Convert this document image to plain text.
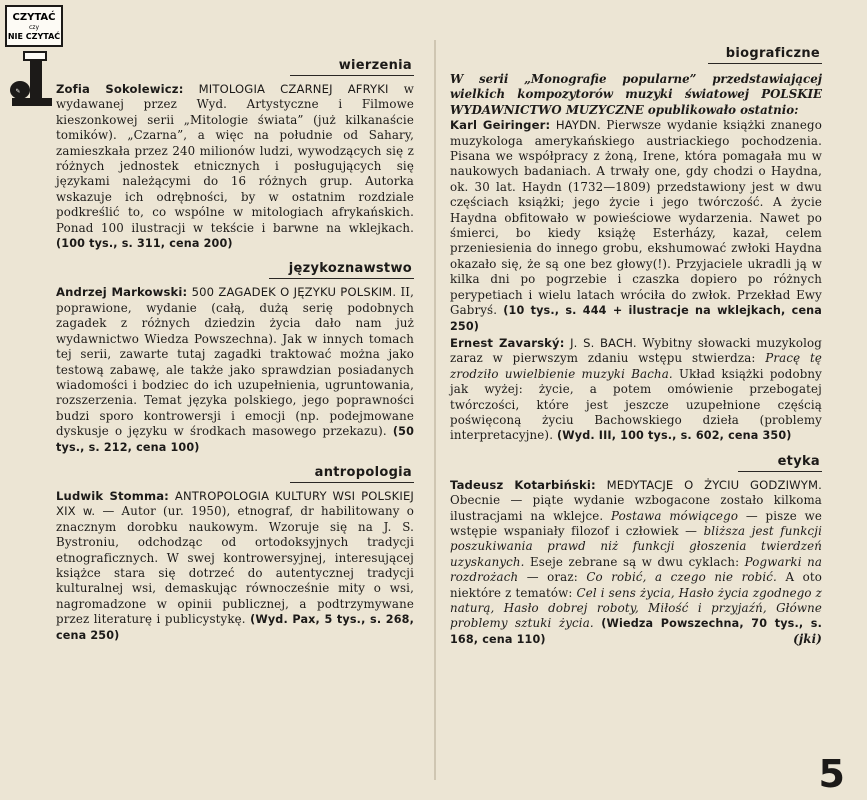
CZYTAĆ
czy
NIE CZYTAĆ
✎
wierzenia

Zofia Sokolewicz: MITOLOGIA CZARNEJ AFRYKI w wydawanej przez Wyd. Artystyczne i Filmowe kieszonkowej serii „Mitologie świata” (już kilkanaście tomików). „Czarna”, a więc na południe od Sahary, zamieszkała przez 240 milionów ludzi, wywodzących się z różnych jednostek etnicznych i posługujących się językami należącymi do 16 różnych grup. Autorka wskazuje ich odrębności, by w ostatnim rozdziale podkreślić to, co wspólne w mitologiach afrykańskich. Ponad 100 ilustracji w tekście i barwne na wklejkach. (100 tys., s. 311, cena 200)

językoznawstwo

Andrzej Markowski: 500 ZAGADEK O JĘZYKU POLSKIM. II, poprawione, wydanie (całą, dużą serię podobnych zagadek z różnych dziedzin życia dało nam już wydawnictwo Wiedza Powszechna). Jak w innych tomach tej serii, zawarte tutaj zagadki traktować można jako testową zabawę, ale także jako sprawdzian posiadanych wiadomości i bodziec do ich uzupełnienia, ugruntowania, rozszerzenia. Temat języka polskiego, jego poprawności budzi sporo kontrowersji i emocji (np. podejmowane dyskusje o języku w środkach masowego przekazu). (50 tys., s. 212, cena 100)

antropologia

Ludwik Stomma: ANTROPOLOGIA KULTURY WSI POLSKIEJ XIX w. — Autor (ur. 1950), etnograf, dr habilitowany o znacznym dorobku naukowym. Wzoruje się na J. S. Bystroniu, odchodząc od ortodoksyjnych tradycji etnograficznych. W swej kontrowersyjnej, interesującej książce stara się dotrzeć do autentycznej tradycji kulturalnej wsi, demaskując równocześnie mity o wsi, nagromadzone w opinii publicznej, a podtrzymywane przez literaturę i publicystykę. (Wyd. Pax, 5 tys., s. 268, cena 250)

biograficzne

W serii „Monografie popularne” przedstawiającej wielkich kompozytorów muzyki światowej POLSKIE WYDAWNICTWO MUZYCZNE opublikowało ostatnio:

Karl Geiringer: HAYDN. Pierwsze wydanie książki znanego muzykologa amerykańskiego austriackiego pochodzenia. Pisana we współpracy z żoną, Irene, która pomagała mu w naukowych badaniach. A trwały one, gdy chodzi o Haydna, ok. 30 lat. Haydn (1732—1809) przedstawiony jest w dwu częściach książki; jego życie i jego twórczość. A życie Haydna obfitowało w powieściowe wydarzenia. Nawet po śmierci, bo kiedy książę Esterházy, kazał, celem przeniesienia do innego grobu, ekshumować zwłoki Haydna okazało się, że są one bez głowy(!). Przyjaciele ukradli ją w kilka dni po pogrzebie i czaszka dopiero po różnych perypetiach i wielu latach wróciła do zwłok. Przekład Ewy Gabryś. (10 tys., s. 444 + ilustracje na wklejkach, cena 250)

Ernest Zavarský: J. S. BACH. Wybitny słowacki muzykolog zaraz w pierwszym zdaniu wstępu stwierdza: Pracę tę zrodziło uwielbienie muzyki Bacha. Układ książki podobny jak wyżej: życie, a potem omówienie przebogatej twórczości, które jest jeszcze uzupełnione częścią poświęconą życiu Bachowskiego dzieła (problemy interpretacyjne). (Wyd. III, 100 tys., s. 602, cena 350)

etyka

Tadeusz Kotarbiński: MEDYTACJE O ŻYCIU GODZIWYM. Obecnie — piąte wydanie wzbogacone zostało kilkoma ilustracjami na wklejce. Postawa mówiącego — pisze we wstępie wspaniały filozof i człowiek — bliższa jest funkcji poszukiwania prawd niż funkcji głoszenia twierdzeń uzyskanych. Eseje zebrane są w dwu cyklach: Pogwarki na rozdrożach — oraz: Co robić, a czego nie robić. A oto niektóre z tematów: Cel i sens życia, Hasło życia zgodnego z naturą, Hasło dobrej roboty, Miłość i przyjaźń, Główne problemy sztuki życia. (Wiedza Powszechna, 70 tys., s. 168, cena 110)	(jki)

5
